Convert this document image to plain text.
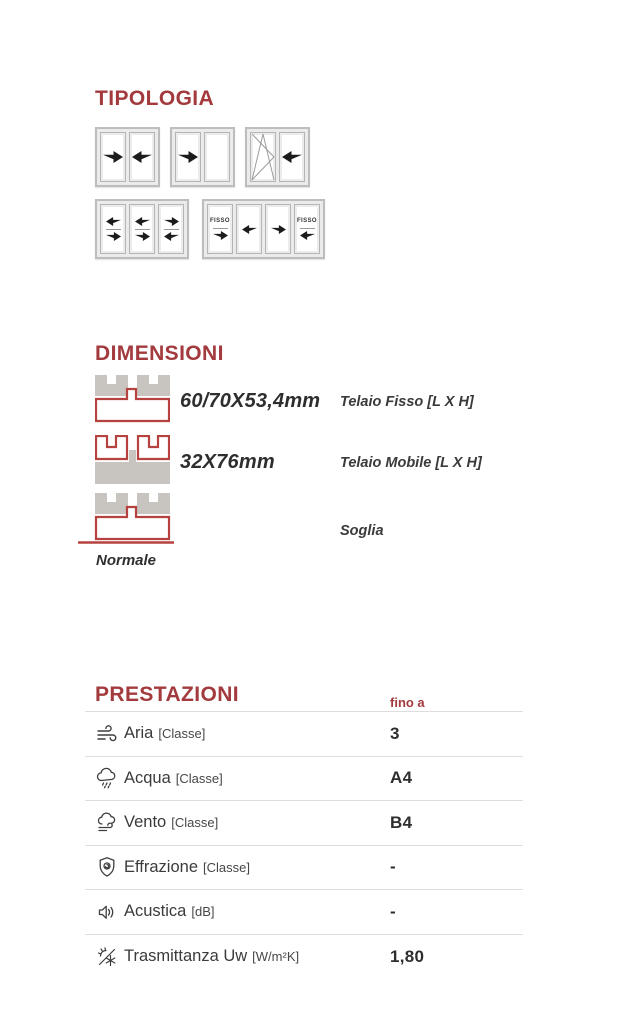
TIPOLOGIA
FISSO	FISSO
DIMENSIONI
60/70X53,4mm	Telaio Fisso [L X H]
32X76mm	Telaio Mobile [L X H]
Normale
Soglia
PRESTAZIONI	fino a
Aria [Classe]	3
Acqua [Classe]	A4
Vento [Classe]	B4
Effrazione [Classe]	-
Acustica [dB]	-
Trasmittanza Uw [W/m²K]	1,80
